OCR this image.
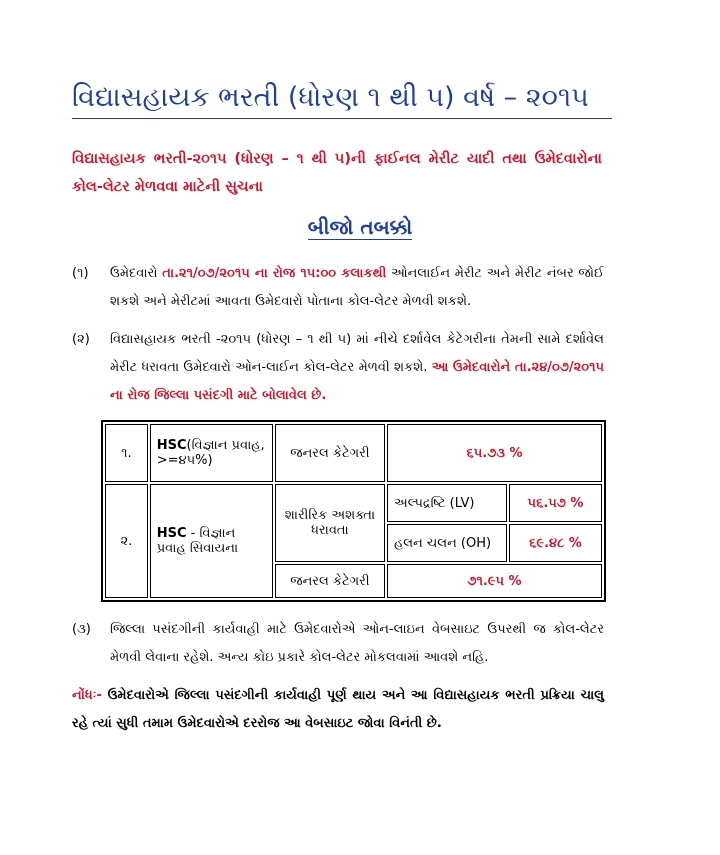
વિદ્યાસહાયક ભરતી (ધોરણ ૧ થી ૫) વર્ષ – ૨૦૧૫
વિદ્યાસહાયક ભરતી-૨૦૧૫ (ધોરણ – ૧ થી ૫)ની ફાઈનલ મેરીટ યાદી તથા ઉમેદવારોના કોલ-લેટર મેળવવા માટેની સુચના
બીજો તબક્કો
(૧) ઉમેદવારો તા.૨૧/૦૭/૨૦૧૫ ના રોજ ૧૫:૦૦ કલાકથી ઓનલાઈન મેરીટ અને મેરીટ નંબર જોઈ શકશે અને મેરીટમાં આવતા ઉમેદવારો પોતાના કોલ-લેટર મેળવી શકશે.
(૨) વિદ્યાસહાયક ભરતી -૨૦૧૫ (ધોરણ – ૧ થી ૫) માં નીચે દર્શાવેલ કેટેગરીના તેમની સામે દર્શાવેલ મેરીટ ધરાવતા ઉમેદવારો ઓન-લાઈન કોલ-લેટર મેળવી શકશે. આ ઉમેદવારોને તા.૨૪/૦૭/૨૦૧૫ ના રોજ જિલ્લા પસંદગી માટે બોલાવેલ છે.
૧.	HSC(વિજ્ઞાન પ્રવાહ, >=૪૫%)	જનરલ કેટેગરી	૬૫.૭૩ %	
૨.	HSC - વિજ્ઞાન પ્રવાહ સિવાયના	શારીરિક અશક્તા ધરાવતા	અલ્પદ્રષ્ટિ (LV)	૫૬.૫૭ %
			હલન ચલન (OH)	૬૯.૪૮ %
		જનરલ કેટેગરી	૭૧.૯૫ %	
(૩) જિલ્લા પસંદગીની કાર્યવાહી માટે ઉમેદવારોએ ઓન-લાઇન વેબસાઇટ ઉપરથી જ કોલ-લેટર મેળવી લેવાના રહેશે. અન્ય કોઇ પ્રકારે કોલ-લેટર મોકલવામાં આવશે નહિ.
નોંધઃ- ઉમેદવારોએ જિલ્લા પસંદગીની કાર્યવાહી પૂર્ણ થાય અને આ વિદ્યાસહાયક ભરતી પ્રક્રિયા ચાલુ રહે ત્યાં સુધી તમામ ઉમેદવારોએ દરરોજ આ વેબસાઇટ જોવા વિનંતી છે.
